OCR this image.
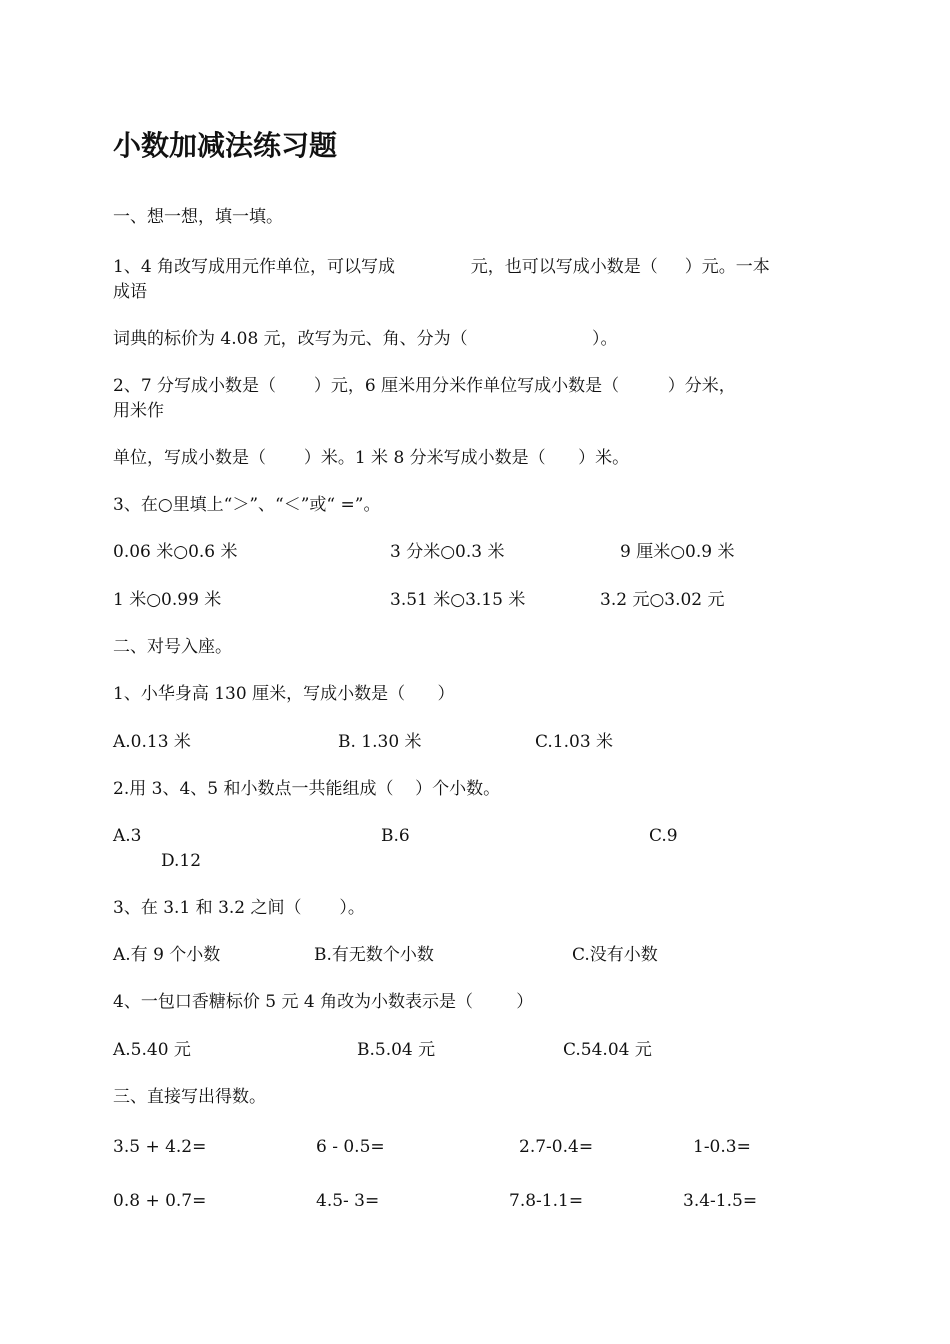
小数加减法练习题

一、想一想，填一填。

1、4 角改写成用元作单位，可以写成              元，也可以写成小数是（     ）元。一本

成语

词典的标价为 4.08 元，改写为元、角、分为（                       ）。

2、7 分写成小数是（       ）元，6 厘米用分米作单位写成小数是（         ）分米，

用米作

单位，写成小数是（       ）米。1 米 8 分米写成小数是（      ）米。

3、在○里填上“＞”、“＜”或“ =”。

0.06 米○0.6 米	3 分米○0.3 米	9 厘米○0.9 米

1 米○0.99 米	3.51 米○3.15 米	3.2 元○3.02 元

二、对号入座。

1、小华身高 130 厘米，写成小数是（      ）

A.0.13 米	B. 1.30 米	C.1.03 米

2.用 3、4、5 和小数点一共能组成（    ）个小数。

A.3	B.6	C.9

D.12

3、在 3.1 和 3.2 之间（       ）。

A.有 9 个小数	B.有无数个小数	C.没有小数

4、一包口香糖标价 5 元 4 角改为小数表示是（        ）

A.5.40 元	B.5.04 元	C.54.04 元

三、直接写出得数。

3.5 + 4.2=	6 - 0.5=	2.7-0.4=	1-0.3=

0.8 + 0.7=	4.5- 3=	7.8-1.1=	3.4-1.5=
